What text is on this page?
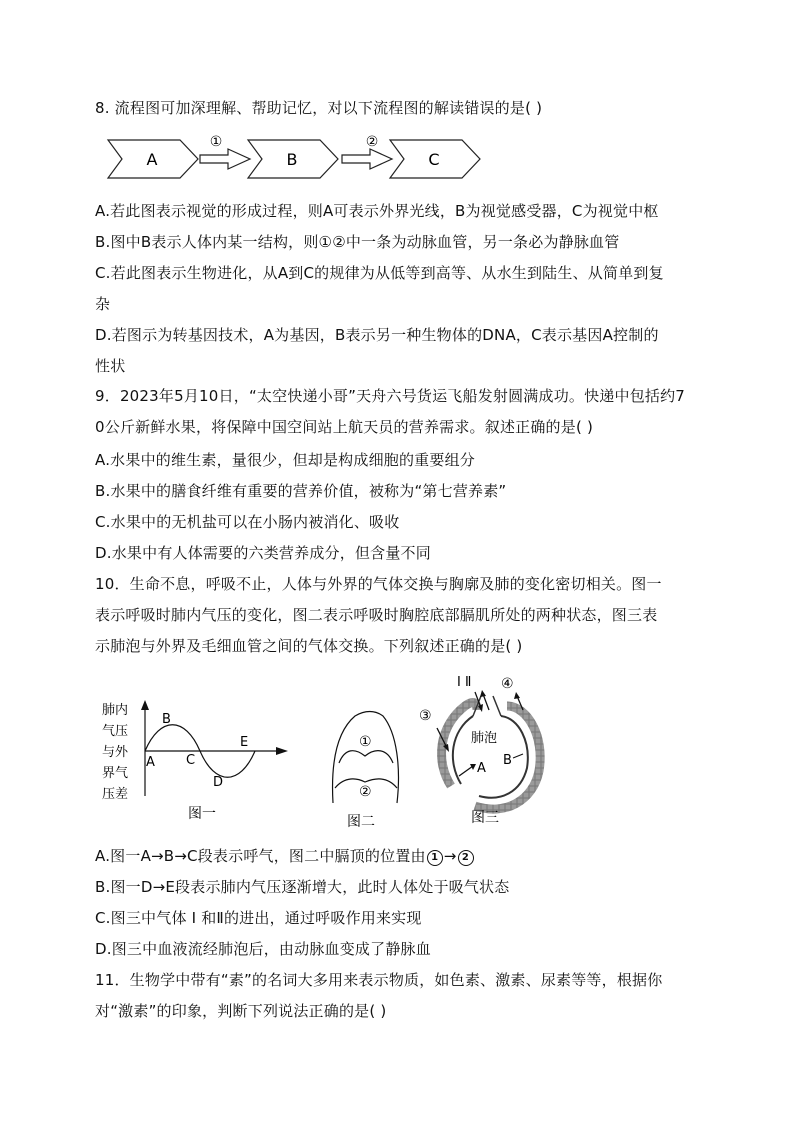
8. 流程图可加深理解、帮助记忆，对以下流程图的解读错误的是( )
A	B	C
①	②
A.若此图表示视觉的形成过程，则A可表示外界光线，B为视觉感受器，C为视觉中枢
B.图中B表示人体内某一结构，则①②中一条为动脉血管，另一条必为静脉血管
C.若此图表示生物进化，从A到C的规律为从低等到高等、从水生到陆生、从简单到复
杂
D.若图示为转基因技术，A为基因，B表示另一种生物体的DNA，C表示基因A控制的
性状
9．2023年5月10日，“太空快递小哥”天舟六号货运飞船发射圆满成功。快递中包括约7
0公斤新鲜水果，将保障中国空间站上航天员的营养需求。叙述正确的是( )
A.水果中的维生素，量很少，但却是构成细胞的重要组分
B.水果中的膳食纤维有重要的营养价值，被称为“第七营养素”
C.水果中的无机盐可以在小肠内被消化、吸收
D.水果中有人体需要的六类营养成分，但含量不同
10．生命不息，呼吸不止，人体与外界的气体交换与胸廓及肺的变化密切相关。图一
表示呼吸时肺内气压的变化，图二表示呼吸时胸腔底部膈肌所处的两种状态，图三表
示肺泡与外界及毛细血管之间的气体交换。下列叙述正确的是( )
肺内
气压
与外
界气
压差
A
B
C
D
E
图一
①
②
图二
I Ⅱ
③
④
肺泡
A
B
图三
A.图一A→B→C段表示呼气，图二中膈顶的位置由 1 → 2
B.图一D→E段表示肺内气压逐渐增大，此时人体处于吸气状态
C.图三中气体 I 和Ⅱ的进出，通过呼吸作用来实现
D.图三中血液流经肺泡后，由动脉血变成了静脉血
11．生物学中带有“素”的名词大多用来表示物质，如色素、激素、尿素等等，根据你
对“激素”的印象，判断下列说法正确的是( )
